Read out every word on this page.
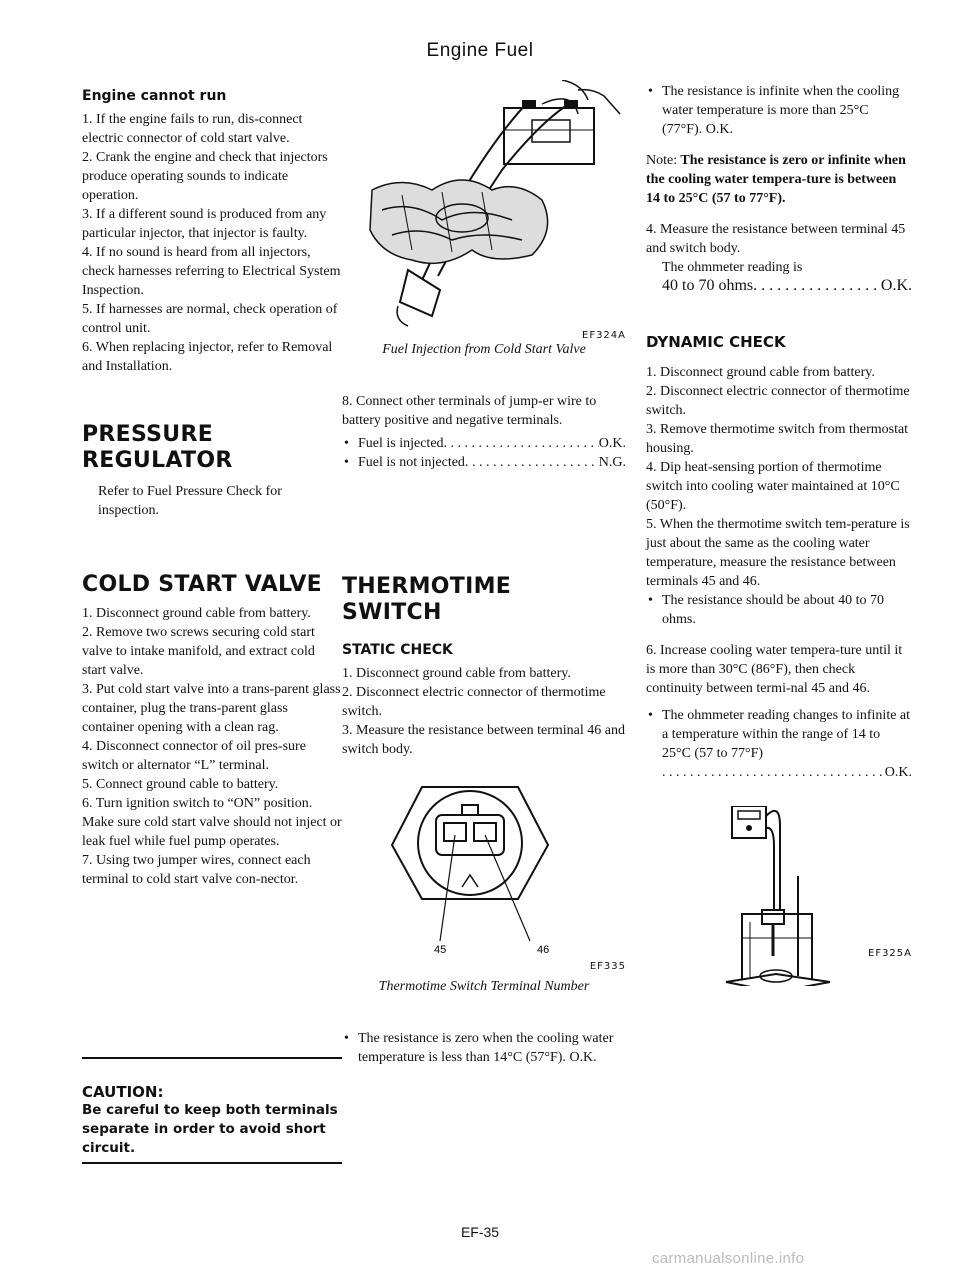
Engine Fuel
Engine cannot run

1. If the engine fails to run, dis-connect electric connector of cold start valve.

2. Crank the engine and check that injectors produce operating sounds to indicate operation.

3. If a different sound is produced from any particular injector, that injector is faulty.

4. If no sound is heard from all injectors, check harnesses referring to Electrical System Inspection.

5. If harnesses are normal, check operation of control unit.

6. When replacing injector, refer to Removal and Installation.

PRESSURE
REGULATOR

Refer to Fuel Pressure Check for inspection.

COLD START VALVE

1. Disconnect ground cable from battery.

2. Remove two screws securing cold start valve to intake manifold, and extract cold start valve.

3. Put cold start valve into a trans-parent glass container, plug the trans-parent glass container opening with a clean rag.

4. Disconnect connector of oil pres-sure switch or alternator “L” terminal.

5. Connect ground cable to battery.

6. Turn ignition switch to “ON” position. Make sure cold start valve should not inject or leak fuel while fuel pump operates.

7. Using two jumper wires, connect each terminal to cold start valve con-nector.

CAUTION:
Be careful to keep both terminals separate in order to avoid short circuit.
EF324A
Fuel Injection from Cold Start Valve

8. Connect other terminals of jump-er wire to battery positive and negative terminals.

• Fuel is injected . . .	O.K.
• Fuel is not injected . . .	N.G.
THERMOTIME
SWITCH
STATIC CHECK

1. Disconnect ground cable from battery.

2. Disconnect electric connector of thermotime switch.

3. Measure the resistance between terminal 46 and switch body.

45	46
EF335
Thermotime Switch Terminal Number
• The resistance is zero when the cooling water temperature is less than 14°C (57°F). O.K.
• The resistance is infinite when the cooling water temperature is more than 25°C (77°F). O.K.

Note: The resistance is zero or infinite when the cooling water tempera-ture is between 14 to 25°C (57 to 77°F).

4. Measure the resistance between terminal 45 and switch body.

The ohmmeter reading is

40 to 70 ohms . . .	O.K.
DYNAMIC CHECK

1. Disconnect ground cable from battery.

2. Disconnect electric connector of thermotime switch.

3. Remove thermotime switch from thermostat housing.

4. Dip heat-sensing portion of thermotime switch into cooling water maintained at 10°C (50°F).

5. When the thermotime switch tem-perature is just about the same as the cooling water temperature, measure the resistance between terminals 45 and 46.

• The resistance should be about 40 to 70 ohms.

6. Increase cooling water tempera-ture until it is more than 30°C (86°F), then check continuity between termi-nal 45 and 46.

• The ohmmeter reading changes to infinite at a temperature within the range of 14 to 25°C (57 to 77°F)
. . .
O.K.
EF325A
EF-35
carmanualsonline.info
